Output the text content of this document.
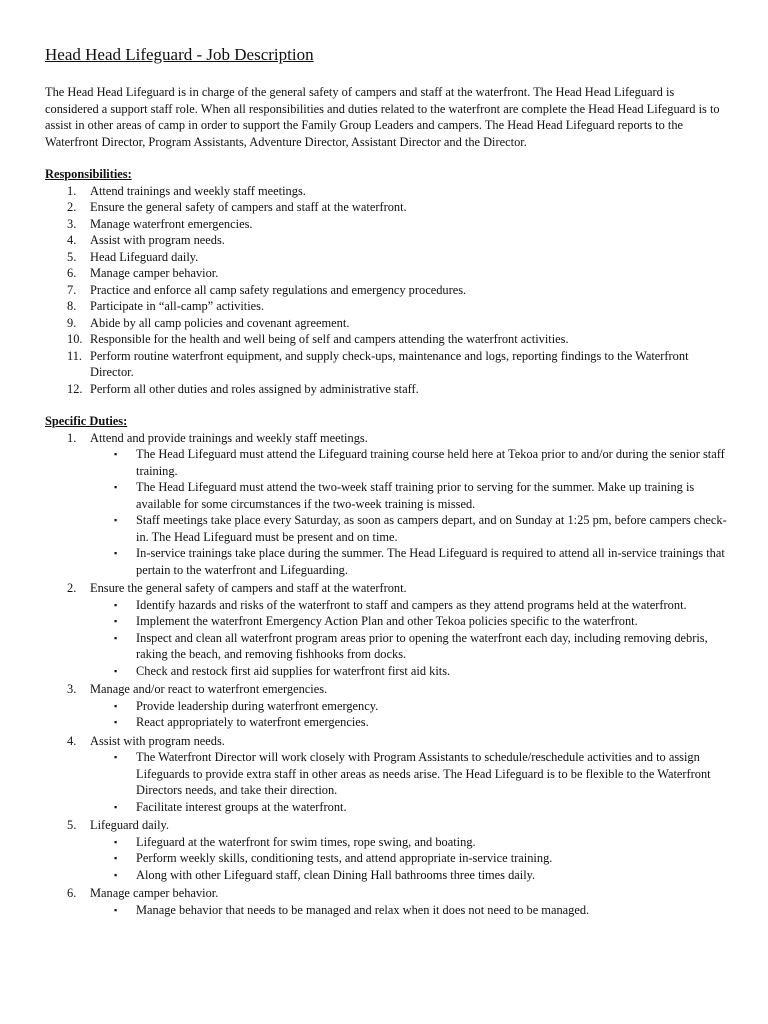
Head Head Lifeguard - Job Description

The Head Head Lifeguard is in charge of the general safety of campers and staff at the waterfront. The Head Head Lifeguard is considered a support staff role. When all responsibilities and duties related to the waterfront are complete the Head Head Lifeguard is to assist in other areas of camp in order to support the Family Group Leaders and campers. The Head Head Lifeguard reports to the Waterfront Director, Program Assistants, Adventure Director, Assistant Director and the Director.

Responsibilities:

1. Attend trainings and weekly staff meetings.
2. Ensure the general safety of campers and staff at the waterfront.
3. Manage waterfront emergencies.
4. Assist with program needs.
5. Head Lifeguard daily.
6. Manage camper behavior.
7. Practice and enforce all camp safety regulations and emergency procedures.
8. Participate in “all-camp” activities.
9. Abide by all camp policies and covenant agreement.
10. Responsible for the health and well being of self and campers attending the waterfront activities.
11. Perform routine waterfront equipment, and supply check-ups, maintenance and logs, reporting findings to the Waterfront Director.
12. Perform all other duties and roles assigned by administrative staff.

Specific Duties:

1. Attend and provide trainings and weekly staff meetings.
▪ The Head Lifeguard must attend the Lifeguard training course held here at Tekoa prior to and/or during the senior staff training.
▪ The Head Lifeguard must attend the two-week staff training prior to serving for the summer. Make up training is available for some circumstances if the two-week training is missed.
▪ Staff meetings take place every Saturday, as soon as campers depart, and on Sunday at 1:25 pm, before campers check-in. The Head Lifeguard must be present and on time.
▪ In-service trainings take place during the summer. The Head Lifeguard is required to attend all in-service trainings that pertain to the waterfront and Lifeguarding.
2. Ensure the general safety of campers and staff at the waterfront.
▪ Identify hazards and risks of the waterfront to staff and campers as they attend programs held at the waterfront.
▪ Implement the waterfront Emergency Action Plan and other Tekoa policies specific to the waterfront.
▪ Inspect and clean all waterfront program areas prior to opening the waterfront each day, including removing debris, raking the beach, and removing fishhooks from docks.
▪ Check and restock first aid supplies for waterfront first aid kits.
3. Manage and/or react to waterfront emergencies.
▪ Provide leadership during waterfront emergency.
▪ React appropriately to waterfront emergencies.
4. Assist with program needs.
▪ The Waterfront Director will work closely with Program Assistants to schedule/reschedule activities and to assign Lifeguards to provide extra staff in other areas as needs arise. The Head Lifeguard is to be flexible to the Waterfront Directors needs, and take their direction.
▪ Facilitate interest groups at the waterfront.
5. Lifeguard daily.
▪ Lifeguard at the waterfront for swim times, rope swing, and boating.
▪ Perform weekly skills, conditioning tests, and attend appropriate in-service training.
▪ Along with other Lifeguard staff, clean Dining Hall bathrooms three times daily.
6. Manage camper behavior.
▪ Manage behavior that needs to be managed and relax when it does not need to be managed.
